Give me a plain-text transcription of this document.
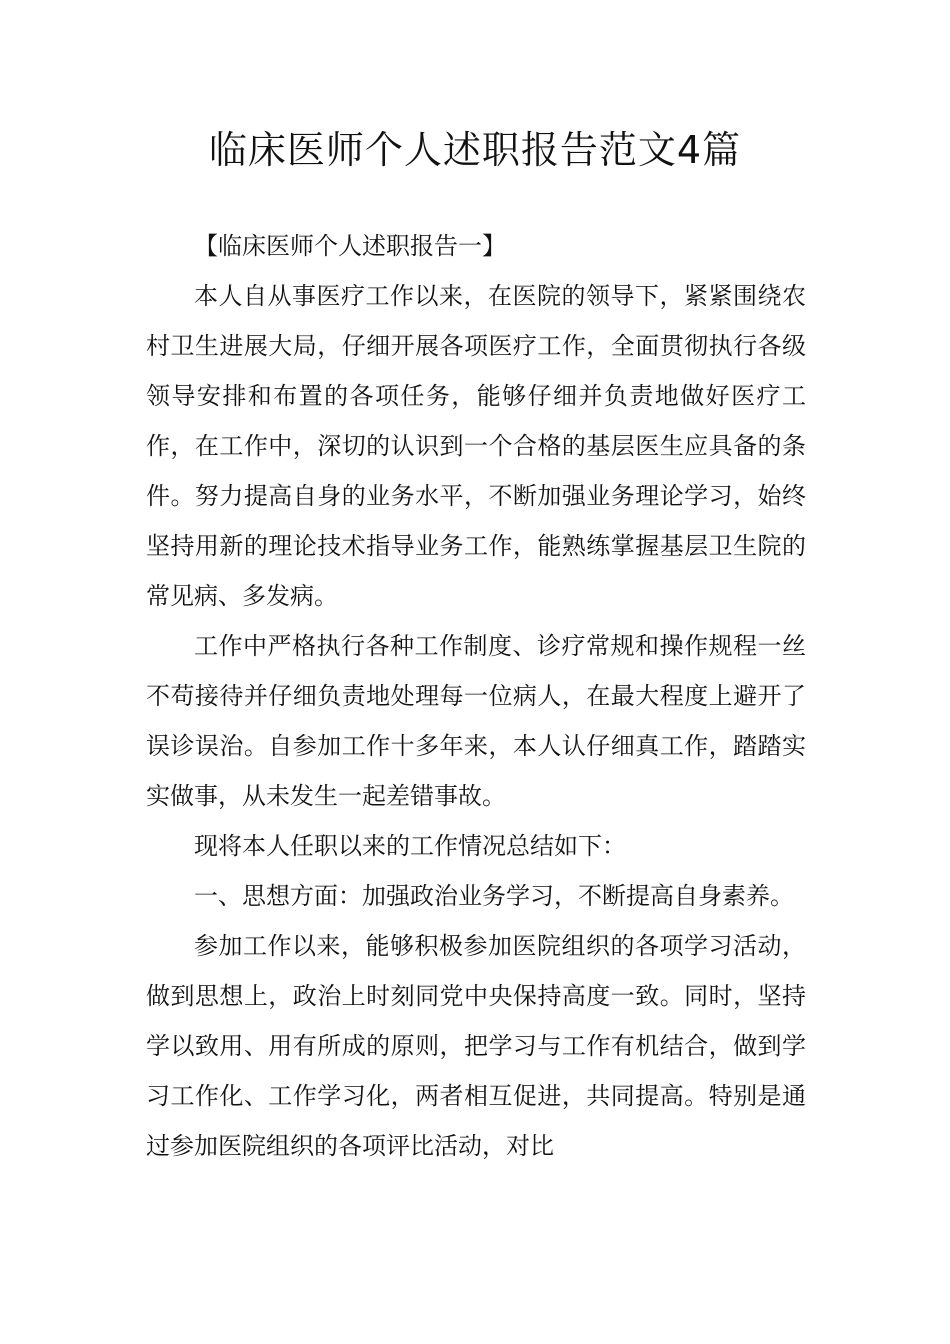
临床医师个人述职报告范文4篇

【临床医师个人述职报告一】

本人自从事医疗工作以来，在医院的领导下，紧紧围绕农村卫生进展大局，仔细开展各项医疗工作，全面贯彻执行各级领导安排和布置的各项任务，能够仔细并负责地做好医疗工作，在工作中，深切的认识到一个合格的基层医生应具备的条件。努力提高自身的业务水平，不断加强业务理论学习，始终坚持用新的理论技术指导业务工作，能熟练掌握基层卫生院的常见病、多发病。

工作中严格执行各种工作制度、诊疗常规和操作规程一丝不苟接待并仔细负责地处理每一位病人，在最大程度上避开了误诊误治。自参加工作十多年来，本人认仔细真工作，踏踏实实做事，从未发生一起差错事故。

现将本人任职以来的工作情况总结如下：

一、思想方面：加强政治业务学习，不断提高自身素养。

参加工作以来，能够积极参加医院组织的各项学习活动，做到思想上，政治上时刻同党中央保持高度一致。同时，坚持学以致用、用有所成的原则，把学习与工作有机结合，做到学习工作化、工作学习化，两者相互促进，共同提高。特别是通过参加医院组织的各项评比活动，对比
